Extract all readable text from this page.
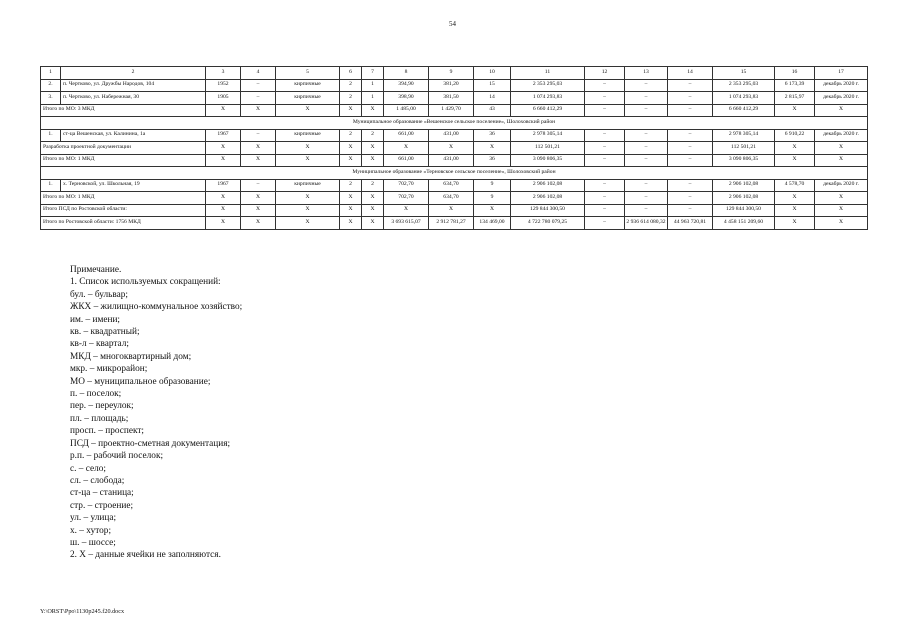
54
1	2	3	4	5	6	7	8	9	10	11	12	13	14	15	16	17
2.	п. Чертково, ул. Дружбы Народов, 104	1952	–	кирпичные	2	1	394,90	381,20	15	2 353 295,03	–	–	–	2 353 295,03	6 173,39	декабрь 2020 г.
3.	п. Чертково, ул. Набережная, 30	1905	–	кирпичные	2	1	398,90	381,50	14	1 074 293,83	–	–	–	1 074 293,83	2 815,97	декабрь 2020 г.
Итого по МО: 3 МКД		X	X	X	X	X	1 485,00	1 429,70	43	6 660 412,29	–	–	–	6 660 412,29	X	X
Муниципальное образование «Вешенское сельское поселение», Шолоховский район																
1.	ст-ца Вешенская, ул. Калинина, 1а	1967	–	кирпичные	2	2	661,00	431,00	36	2 978 305,14	–	–	–	2 978 305,14	6 910,22	декабрь 2020 г.
Разработка проектной документации		X	X	X	X	X	X	X	X	112 501,21	–	–	–	112 501,21	X	X
Итого по МО: 1 МКД		X	X	X	X	X	661,00	431,00	36	3 090 806,35	–	–	–	3 090 806,35	X	X
Муниципальное образование «Терновское сельское поселение», Шолоховский район																
1.	х. Терновской, ул. Школьная, 19	1967	–	кирпичные	2	2	702,70	634,70	9	2 906 102,08	–	–	–	2 906 102,08	4 578,70	декабрь 2020 г.
Итого по МО: 1 МКД		X	X	X	X	X	702,70	634,70	9	2 906 102,08	–	–	–	2 906 102,08	X	X
Итого ПСД по Ростовской области:		X	X	X	X	X	X	X	X	129 844 300,50	–	–	–	129 844 300,50	X	X
Итого по Ростовской области: 1756 МКД		X	X	X	X	X	3 693 615,07	2 912 781,27	134 469,00	4 722 780 079,25	–	2 936 614 080,32	44 963 720,81	4 458 151 209,60	X	X
Примечание.
1. Список используемых сокращений:
бул. – бульвар;
ЖКХ – жилищно-коммунальное хозяйство;
им. – имени;
кв. – квадратный;
кв-л – квартал;
МКД – многоквартирный дом;
мкр. – микрорайон;
МО – муниципальное образование;
п. – поселок;
пер. – переулок;
пл. – площадь;
просп. – проспект;
ПСД – проектно-сметная документация;
р.п. – рабочий поселок;
с. – село;
сл. – слобода;
ст-ца – станица;
стр. – строение;
ул. – улица;
х. – хутор;
ш. – шоссе;
2. X – данные ячейки не заполняются.
Y:\ORST\Ppo\1130p245.f20.docx
